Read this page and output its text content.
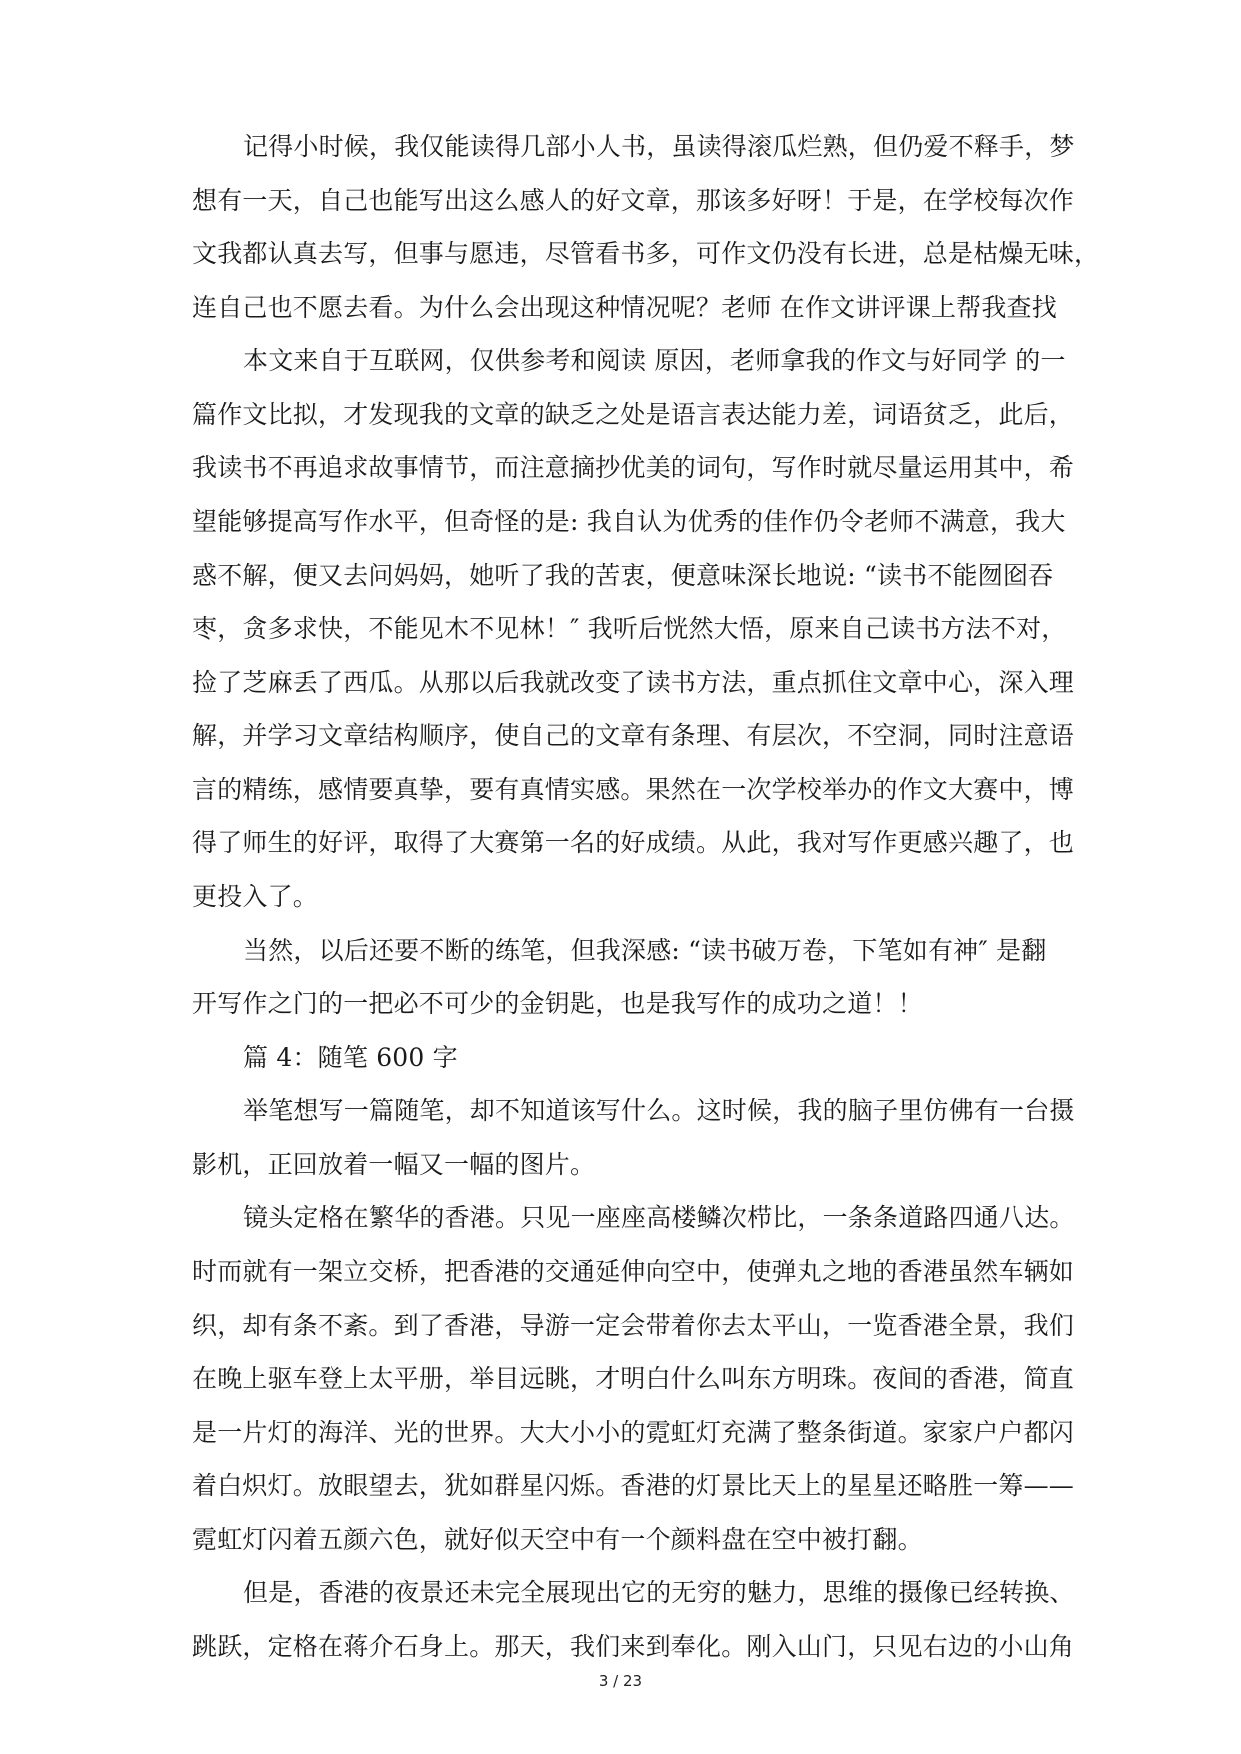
记得小时候，我仅能读得几部小人书，虽读得滚瓜烂熟，但仍爱不释手，梦
想有一天，自己也能写出这么感人的好文章，那该多好呀！于是，在学校每次作
文我都认真去写，但事与愿违，尽管看书多，可作文仍没有长进，总是枯燥无味，
连自己也不愿去看。为什么会出现这种情况呢？老师 在作文讲评课上帮我查找
本文来自于互联网，仅供参考和阅读 原因，老师拿我的作文与好同学 的一
篇作文比拟，才发现我的文章的缺乏之处是语言表达能力差，词语贫乏，此后，
我读书不再追求故事情节，而注意摘抄优美的词句，写作时就尽量运用其中，希
望能够提高写作水平，但奇怪的是: 我自认为优秀的佳作仍令老师不满意，我大
惑不解，便又去问妈妈，她听了我的苦衷，便意味深长地说: “读书不能囫囵吞
枣，贪多求快，不能见木不见林！″ 我听后恍然大悟，原来自己读书方法不对，
捡了芝麻丢了西瓜。从那以后我就改变了读书方法，重点抓住文章中心，深入理
解，并学习文章结构顺序，使自己的文章有条理、有层次，不空洞，同时注意语
言的精练，感情要真挚，要有真情实感。果然在一次学校举办的作文大赛中，博
得了师生的好评，取得了大赛第一名的好成绩。从此，我对写作更感兴趣了，也
更投入了。
当然，以后还要不断的练笔，但我深感: “读书破万卷，下笔如有神″ 是翻
开写作之门的一把必不可少的金钥匙，也是我写作的成功之道！！
篇 4：随笔 600 字
举笔想写一篇随笔，却不知道该写什么。这时候，我的脑子里仿佛有一台摄
影机，正回放着一幅又一幅的图片。
镜头定格在繁华的香港。只见一座座高楼鳞次栉比，一条条道路四通八达。
时而就有一架立交桥，把香港的交通延伸向空中，使弹丸之地的香港虽然车辆如
织，却有条不紊。到了香港，导游一定会带着你去太平山，一览香港全景，我们
在晚上驱车登上太平册，举目远眺，才明白什么叫东方明珠。夜间的香港，简直
是一片灯的海洋、光的世界。大大小小的霓虹灯充满了整条街道。家家户户都闪
着白炽灯。放眼望去，犹如群星闪烁。香港的灯景比天上的星星还略胜一筹——
霓虹灯闪着五颜六色，就好似天空中有一个颜料盘在空中被打翻。
但是，香港的夜景还未完全展现出它的无穷的魅力，思维的摄像已经转换、
跳跃，定格在蒋介石身上。那天，我们来到奉化。刚入山门，只见右边的小山角
3 / 23
